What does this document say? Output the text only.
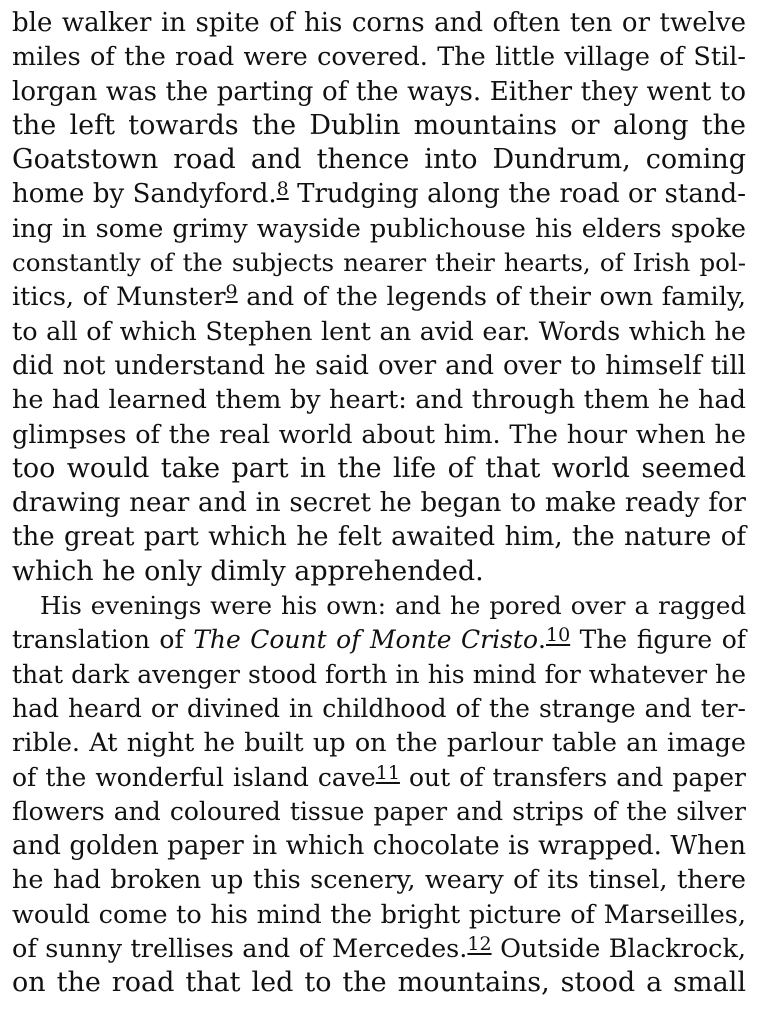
ble walker in spite of his corns and often ten or twelve
miles of the road were covered. The little village of Stil-
lorgan was the parting of the ways. Either they went to
the left towards the Dublin mountains or along the
Goatstown road and thence into Dundrum, coming
home by Sandyford.$^8$ Trudging along the road or stand-
ing in some grimy wayside publichouse his elders spoke
constantly of the subjects nearer their hearts, of Irish pol-
itics, of Munster$^9$ and of the legends of their own family,
to all of which Stephen lent an avid ear. Words which he
did not understand he said over and over to himself till
he had learned them by heart: and through them he had
glimpses of the real world about him. The hour when he
too would take part in the life of that world seemed
drawing near and in secret he began to make ready for
the great part which he felt awaited him, the nature of
which he only dimly apprehended.
His evenings were his own: and he pored over a ragged
translation of The Count of Monte Cristo.$^{10}$ The figure of
that dark avenger stood forth in his mind for whatever he
had heard or divined in childhood of the strange and ter-
rible. At night he built up on the parlour table an image
of the wonderful island cave$^{11}$ out of transfers and paper
flowers and coloured tissue paper and strips of the silver
and golden paper in which chocolate is wrapped. When
he had broken up this scenery, weary of its tinsel, there
would come to his mind the bright picture of Marseilles,
of sunny trellises and of Mercedes.$^{12}$ Outside Blackrock,
on the road that led to the mountains, stood a small
